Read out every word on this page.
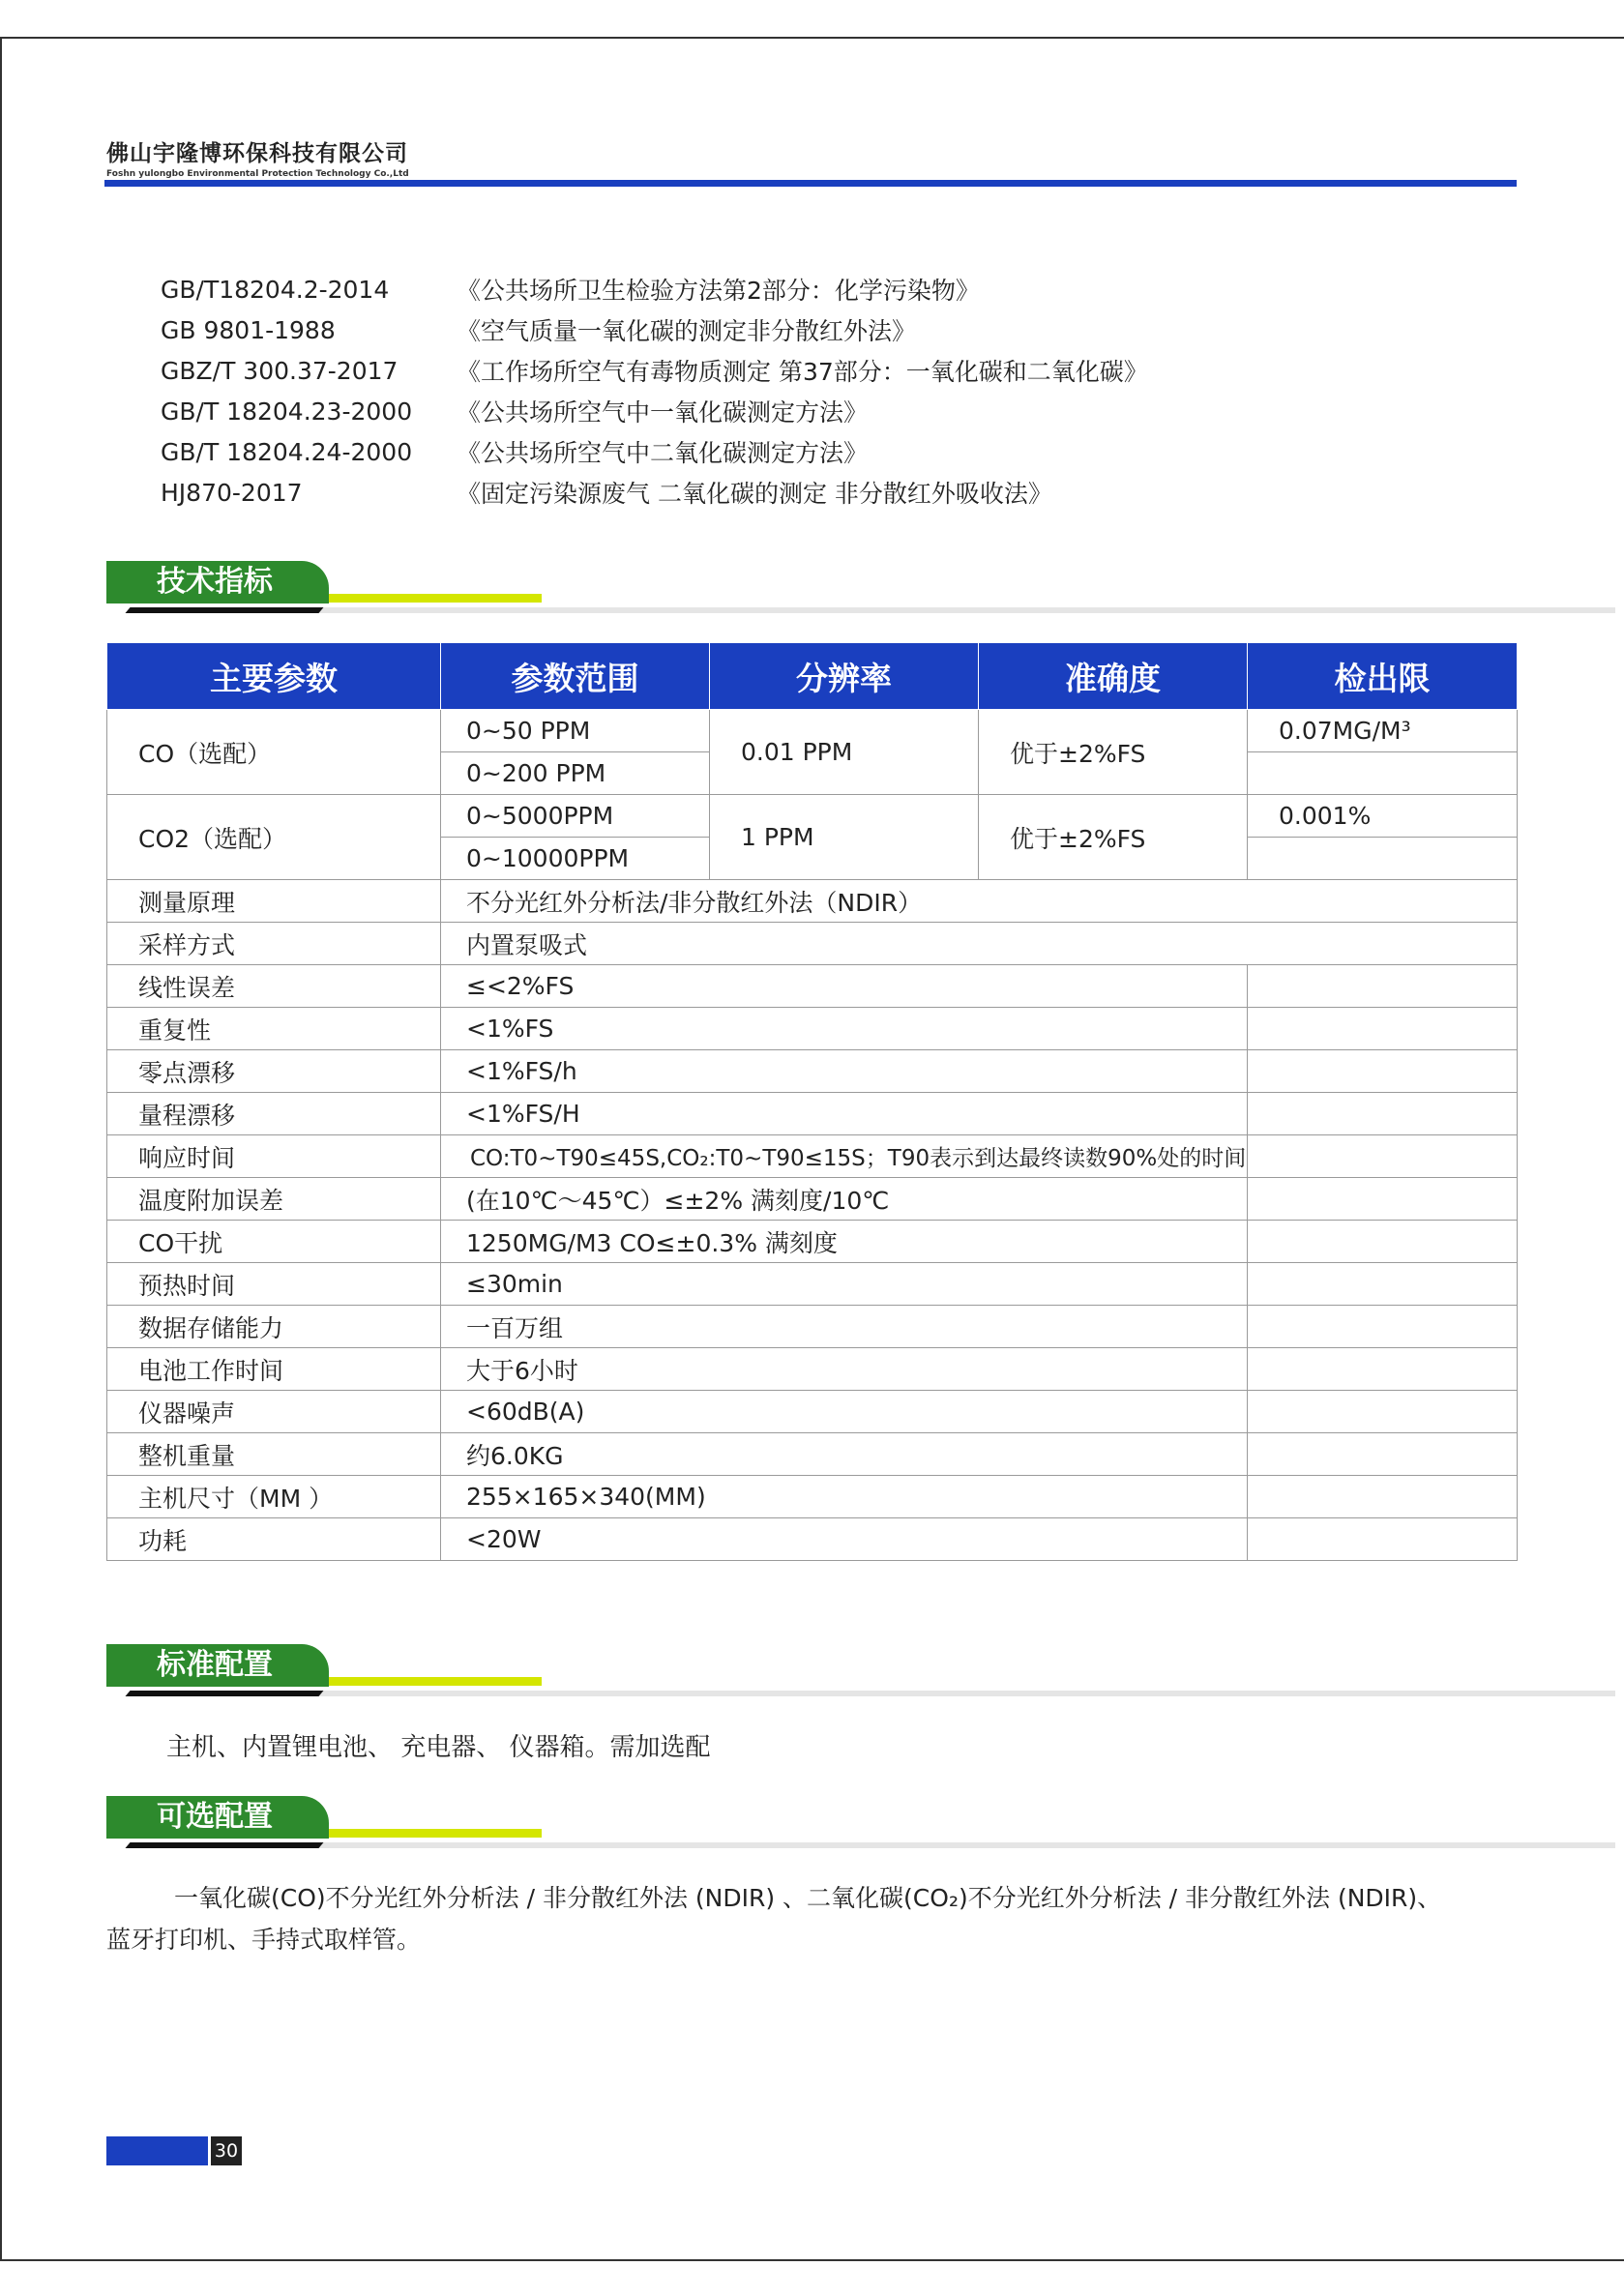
佛山宇隆博环保科技有限公司
Foshn yulongbo Environmental Protection Technology Co.,Ltd
GB/T18204.2-2014	《公共场所卫生检验方法第2部分：化学污染物》
GB 9801-1988	《空气质量一氧化碳的测定非分散红外法》
GBZ/T 300.37-2017	《工作场所空气有毒物质测定 第37部分：一氧化碳和二氧化碳》
GB/T 18204.23-2000	《公共场所空气中一氧化碳测定方法》
GB/T 18204.24-2000	《公共场所空气中二氧化碳测定方法》
HJ870-2017	《固定污染源废气 二氧化碳的测定 非分散红外吸收法》
技术指标
主要参数	参数范围	分辨率	准确度	检出限
CO（选配）	0~50 PPM	0.01 PPM	优于±2%FS	0.07MG/M³
	0~200 PPM			
CO2（选配）	0~5000PPM	1 PPM	优于±2%FS	0.001%
	0~10000PPM			
测量原理	不分光红外分析法/非分散红外法（NDIR）			
采样方式	内置泵吸式			
线性误差	≤<2%FS			
重复性	<1%FS			
零点漂移	<1%FS/h			
量程漂移	<1%FS/H			
响应时间	CO:T0~T90≤45S,CO₂:T0~T90≤15S；T90表示到达最终读数90%处的时间			
温度附加误差	(在10℃～45℃）≤±2% 满刻度/10℃			
CO干扰	1250MG/M3 CO≤±0.3% 满刻度			
预热时间	≤30min			
数据存储能力	一百万组			
电池工作时间	大于6小时			
仪器噪声	<60dB(A)			
整机重量	约6.0KG			
主机尺寸（MM ）	255×165×340(MM)			
功耗	<20W			
标准配置
主机、内置锂电池、 充电器、 仪器箱。需加选配
可选配置
一氧化碳(CO)不分光红外分析法 / 非分散红外法 (NDIR) 、二氧化碳(CO₂)不分光红外分析法 / 非分散红外法 (NDIR)、
蓝牙打印机、手持式取样管。
30
